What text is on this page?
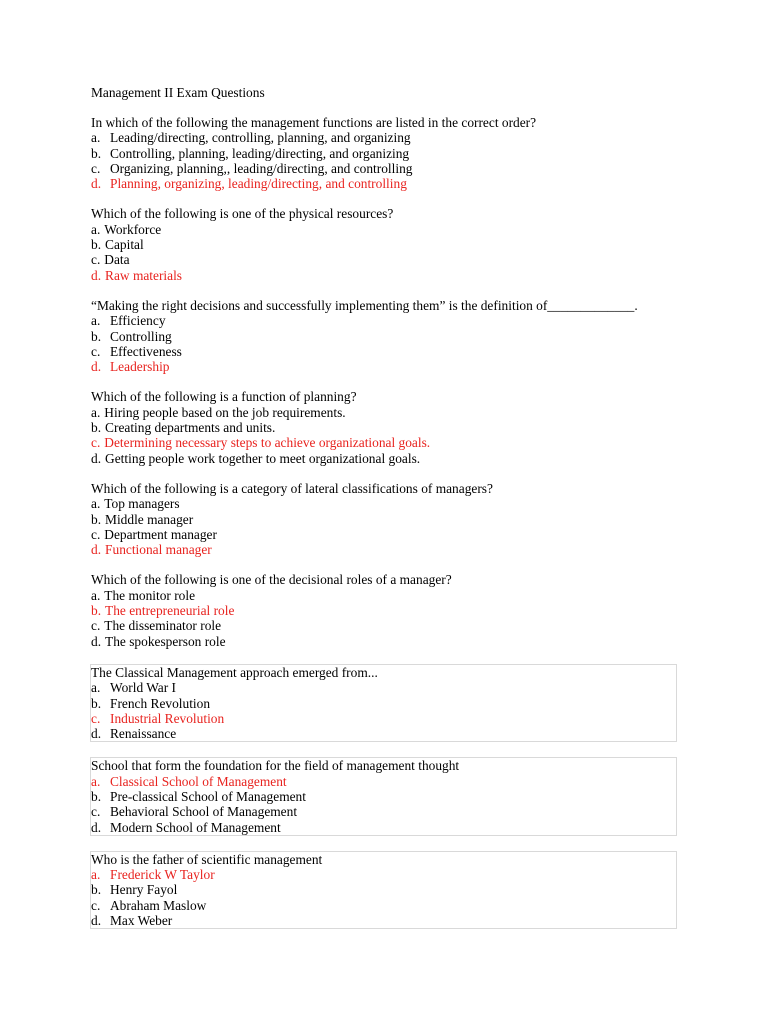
Management II Exam Questions
In which of the following the management functions are listed in the correct order?
a. Leading/directing, controlling, planning, and organizing
b. Controlling, planning, leading/directing, and organizing
c. Organizing, planning,, leading/directing, and controlling
d. Planning, organizing, leading/directing, and controlling
Which of the following is one of the physical resources?
a. Workforce
b. Capital
c. Data
d. Raw materials
“Making the right decisions and successfully implementing them” is the definition of_____________.
a. Efficiency
b. Controlling
c. Effectiveness
d. Leadership
Which of the following is a function of planning?
a. Hiring people based on the job requirements.
b. Creating departments and units.
c. Determining necessary steps to achieve organizational goals.
d. Getting people work together to meet organizational goals.
Which of the following is a category of lateral classifications of managers?
a. Top managers
b. Middle manager
c. Department manager
d. Functional manager
Which of the following is one of the decisional roles of a manager?
a. The monitor role
b. The entrepreneurial role
c. The disseminator role
d. The spokesperson role
The Classical Management approach emerged from...
a. World War I
b. French Revolution
c. Industrial Revolution
d. Renaissance
School that form the foundation for the field of management thought
a. Classical School of Management
b. Pre-classical School of Management
c. Behavioral School of Management
d. Modern School of Management
Who is the father of scientific management
a. Frederick W Taylor
b. Henry Fayol
c. Abraham Maslow
d. Max Weber
